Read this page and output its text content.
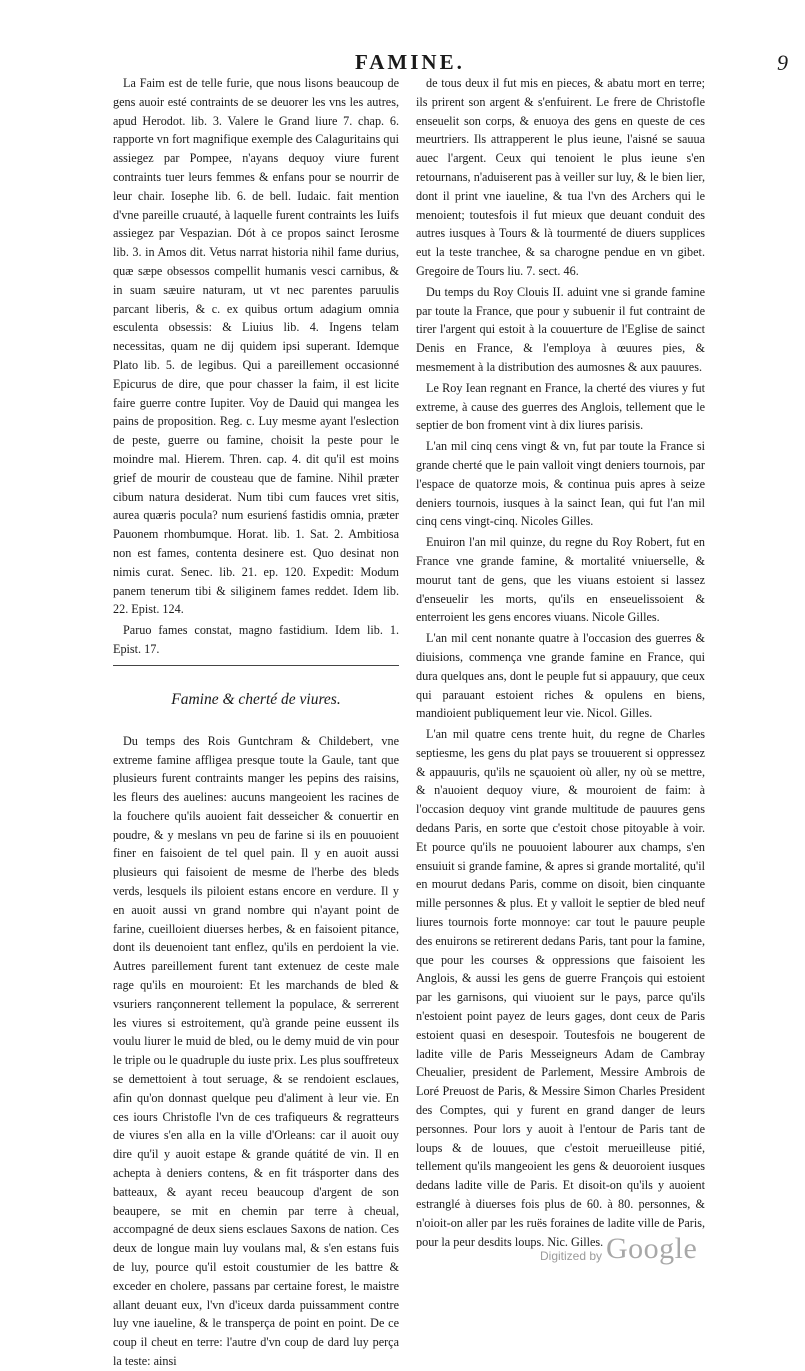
FAMINE.	9

La Faim est de telle furie, que nous lisons beaucoup de gens auoir esté contraints de se deuorer les vns les autres, apud Herodot. lib. 3. Valere le Grand liure 7. chap. 6. rapporte vn fort magnifique exemple des Calaguritains qui assiegez par Pompee, n'ayans dequoy viure furent contraints tuer leurs femmes & enfans pour se nourrir de leur chair. Iosephe lib. 6. de bell. Iudaic. fait mention d'vne pareille cruauté, à laquelle furent contraints les Iuifs assiegez par Vespazian. Dót à ce propos sainct Ierosme lib. 3. in Amos dit. Vetus narrat historia nihil fame durius, quæ sæpe obsessos compellit humanis vesci carnibus, & in suam sæuire naturam, ut vt nec parentes paruulis parcant liberis, & c. ex quibus ortum adagium omnia esculenta obsessis: & Liuius lib. 4. Ingens telam necessitas, quam ne dij quidem ipsi superant. Idemque Plato lib. 5. de legibus. Qui a pareillement occasionné Epicurus de dire, que pour chasser la faim, il est licite faire guerre contre Iupiter. Voy de Dauid qui mangea les pains de proposition. Reg. c. Luy mesme ayant l'eslection de peste, guerre ou famine, choisit la peste pour le moindre mal. Hierem. Thren. cap. 4. dit qu'il est moins grief de mourir de cousteau que de famine. Nihil præter cibum natura desiderat. Num tibi cum fauces vret sitis, aurea quæris pocula? num esurienś fastidis omnia, præter Pauonem rhombumque. Horat. lib. 1. Sat. 2. Ambitiosa non est fames, contenta desinere est. Quo desinat non nimis curat. Senec. lib. 21. ep. 120. Expedit: Modum panem tenerum tibi & siliginem fames reddet. Idem lib. 22. Epist. 124.

Paruo fames constat, magno fastidium. Idem lib. 1. Epist. 17.

Famine & cherté de viures.

Du temps des Rois Guntchram & Childebert, vne extreme famine affligea presque toute la Gaule, tant que plusieurs furent contraints manger les pepins des raisins, les fleurs des auelines: aucuns mangeoient les racines de la fouchere qu'ils auoient fait desseicher & conuertir en poudre, & y meslans vn peu de farine si ils en pouuoient finer en faisoient de tel quel pain. Il y en auoit aussi plusieurs qui faisoient de mesme de l'herbe des bleds verds, lesquels ils piloient estans encore en verdure. Il y en auoit aussi vn grand nombre qui n'ayant point de farine, cueilloient diuerses herbes, & en faisoient pitance, dont ils deuenoient tant enflez, qu'ils en perdoient la vie. Autres pareillement furent tant extenuez de ceste male rage qu'ils en mouroient: Et les marchands de bled & vsuriers rançonnerent tellement la populace, & serrerent les viures si estroitement, qu'à grande peine eussent ils voulu liurer le muid de bled, ou le demy muid de vin pour le triple ou le quadruple du iuste prix. Les plus souffreteux se demettoient à tout seruage, & se rendoient esclaues, afin qu'on donnast quelque peu d'aliment à leur vie. En ces iours Christofle l'vn de ces trafiqueurs & regratteurs de viures s'en alla en la ville d'Orleans: car il auoit ouy dire qu'il y auoit estape & grande quátité de vin. Il en achepta à deniers contens, & en fit trásporter dans des batteaux, & ayant receu beaucoup d'argent de son beaupere, se mit en chemin par terre à cheual, accompagné de deux siens esclaues Saxons de nation. Ces deux de longue main luy voulans mal, & s'en estans fuis de luy, pource qu'il estoit coustumier de les battre & exceder en cholere, passans par certaine forest, le maistre allant deuant eux, l'vn d'iceux darda puissamment contre luy vne iaueline, & le transperça de point en point. De ce coup il cheut en terre: l'autre d'vn coup de dard luy perça la teste: ainsi

de tous deux il fut mis en pieces, & abatu mort en terre; ils prirent son argent & s'enfuirent. Le frere de Christofle enseuelit son corps, & enuoya des gens en queste de ces meurtriers. Ils attrapperent le plus ieune, l'aisné se sauua auec l'argent. Ceux qui tenoient le plus ieune s'en retournans, n'aduiserent pas à veiller sur luy, & le bien lier, dont il print vne iaueline, & tua l'vn des Archers qui le menoient; toutesfois il fut mieux que deuant conduit des autres iusques à Tours & là tourmenté de diuers supplices eut la teste tranchee, & sa charogne pendue en vn gibet. Gregoire de Tours liu. 7. sect. 46.

Du temps du Roy Clouis II. aduint vne si grande famine par toute la France, que pour y subuenir il fut contraint de tirer l'argent qui estoit à la couuerture de l'Eglise de sainct Denis en France, & l'employa à œuures pies, & mesmement à la distribution des aumosnes & aux pauures.

Le Roy Iean regnant en France, la cherté des viures y fut extreme, à cause des guerres des Anglois, tellement que le septier de bon froment vint à dix liures parisis.

L'an mil cinq cens vingt & vn, fut par toute la France si grande cherté que le pain valloit vingt deniers tournois, par l'espace de quatorze mois, & continua puis apres à seize deniers tournois, iusques à la sainct Iean, qui fut l'an mil cinq cens vingt-cinq. Nicoles Gilles.

Enuiron l'an mil quinze, du regne du Roy Robert, fut en France vne grande famine, & mortalité vniuerselle, & mourut tant de gens, que les viuans estoient si lassez d'enseuelir les morts, qu'ils en enseuelissoient & enterroient les gens encores viuans. Nicole Gilles.

L'an mil cent nonante quatre à l'occasion des guerres & diuisions, commença vne grande famine en France, qui dura quelques ans, dont le peuple fut si appauury, que ceux qui parauant estoient riches & opulens en biens, mandioient publiquement leur vie. Nicol. Gilles.

L'an mil quatre cens trente huit, du regne de Charles septiesme, les gens du plat pays se trouuerent si oppressez & appauuris, qu'ils ne sçauoient où aller, ny où se mettre, & n'auoient dequoy viure, & mouroient de faim: à l'occasion dequoy vint grande multitude de pauures gens dedans Paris, en sorte que c'estoit chose pitoyable à voir. Et pource qu'ils ne pouuoient labourer aux champs, s'en ensuiuit si grande famine, & apres si grande mortalité, qu'il en mourut dedans Paris, comme on disoit, bien cinquante mille personnes & plus. Et y valloit le septier de bled neuf liures tournois forte monnoye: car tout le pauure peuple des enuirons se retirerent dedans Paris, tant pour la famine, que pour les courses & oppressions que faisoient les Anglois, & aussi les gens de guerre François qui estoient par les garnisons, qui viuoient sur le pays, parce qu'ils n'estoient point payez de leurs gages, dont ceux de Paris estoient quasi en desespoir. Toutesfois ne bougerent de ladite ville de Paris Messeigneurs Adam de Cambray Cheualier, president de Parlement, Messire Ambrois de Loré Preuost de Paris, & Messire Simon Charles President des Comptes, qui y furent en grand danger de leurs personnes. Pour lors y auoit à l'entour de Paris tant de loups & de louues, que c'estoit merueilleuse pitié, tellement qu'ils mangeoient les gens & deuoroient iusques dedans ladite ville de Paris. Et disoit-on qu'ils y auoient estranglé à diuerses fois plus de 60. à 80. personnes, & n'oioit-on aller par les ruës foraines de ladite ville de Paris, pour la peur desdits loups. Nic. Gilles.

Digitized by Google
